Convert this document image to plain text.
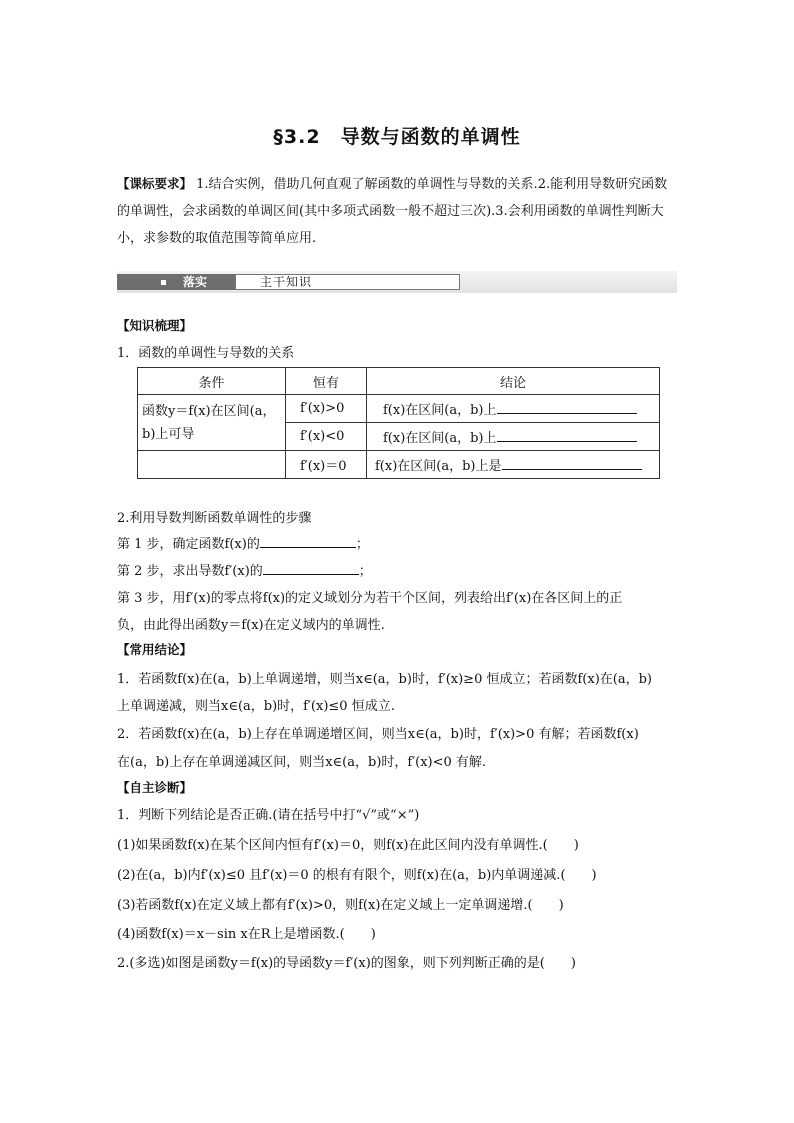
§3.2　导数与函数的单调性
【课标要求】 1.结合实例，借助几何直观了解函数的单调性与导数的关系.2.能利用导数研究函数的单调性，会求函数的单调区间(其中多项式函数一般不超过三次).3.会利用函数的单调性判断大小，求参数的取值范围等简单应用.
落实	主干知识
【知识梳理】
1．函数的单调性与导数的关系
条件	恒有	结论

函数y＝f(x)在区间(a，
b)上可导	f′(x)>0	f(x)在区间(a，b)上
	f′(x)<0	f(x)在区间(a，b)上
	f′(x)＝0	f(x)在区间(a，b)上是
2.利用导数判断函数单调性的步骤
第 1 步，确定函数f(x)的	；
第 2 步，求出导数f′(x)的	；
第 3 步，用f′(x)的零点将f(x)的定义域划分为若干个区间，列表给出f′(x)在各区间上的正
负，由此得出函数y＝f(x)在定义域内的单调性.
【常用结论】
1．若函数f(x)在(a，b)上单调递增，则当x∈(a，b)时，f′(x)≥0 恒成立；若函数f(x)在(a，b)
上单调递减，则当x∈(a，b)时，f′(x)≤0 恒成立.
2．若函数f(x)在(a，b)上存在单调递增区间，则当x∈(a，b)时，f′(x)>0 有解；若函数f(x)
在(a，b)上存在单调递减区间，则当x∈(a，b)时，f′(x)<0 有解.
【自主诊断】
1．判断下列结论是否正确.(请在括号中打“√”或“×”)
(1)如果函数f(x)在某个区间内恒有f′(x)＝0，则f(x)在此区间内没有单调性.(　　)
(2)在(a，b)内f′(x)≤0 且f′(x)＝0 的根有有限个，则f(x)在(a，b)内单调递减.(　　)
(3)若函数f(x)在定义域上都有f′(x)>0，则f(x)在定义域上一定单调递增.(　　)
(4)函数f(x)＝x－sin x在R上是增函数.(　　)
2.(多选)如图是函数y＝f(x)的导函数y＝f′(x)的图象，则下列判断正确的是(　　)
